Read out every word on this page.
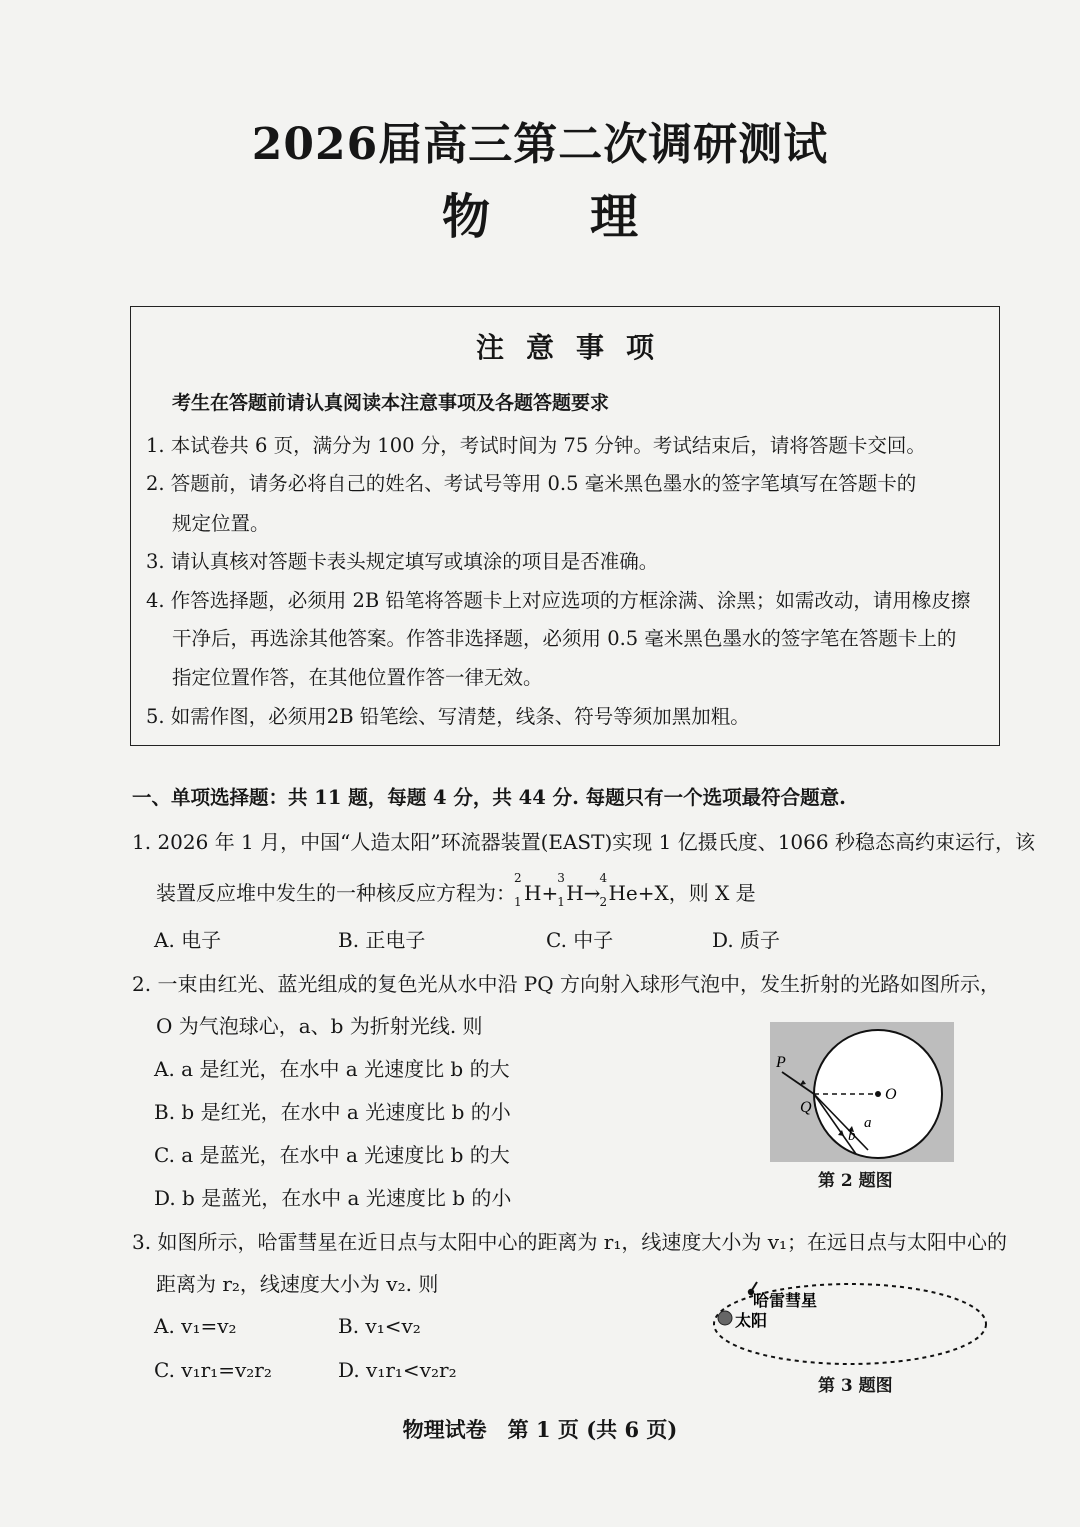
2026届高三第二次调研测试
物理
注意事项
考生在答题前请认真阅读本注意事项及各题答题要求
1. 本试卷共 6 页，满分为 100 分，考试时间为 75 分钟。考试结束后，请将答题卡交回。
2. 答题前，请务必将自己的姓名、考试号等用 0.5 毫米黑色墨水的签字笔填写在答题卡的
规定位置。
3. 请认真核对答题卡表头规定填写或填涂的项目是否准确。
4. 作答选择题，必须用 2B 铅笔将答题卡上对应选项的方框涂满、涂黑；如需改动，请用橡皮擦
干净后，再选涂其他答案。作答非选择题，必须用 0.5 毫米黑色墨水的签字笔在答题卡上的
指定位置作答，在其他位置作答一律无效。
5. 如需作图，必须用2B 铅笔绘、写清楚，线条、符号等须加黑加粗。
一、单项选择题：共 11 题，每题 4 分，共 44 分. 每题只有一个选项最符合题意.
1. 2026 年 1 月，中国“人造太阳”环流器装置(EAST)实现 1 亿摄氏度、1066 秒稳态高约束运行，该
装置反应堆中发生的一种核反应方程为：
2
1 H+
3
1 H→
4
2 He+X，则 X 是
A. 电子	B. 正电子	C. 中子	D. 质子
2. 一束由红光、蓝光组成的复色光从水中沿 PQ 方向射入球形气泡中，发生折射的光路如图所示，
O 为气泡球心，a、b 为折射光线. 则
A. a 是红光，在水中 a 光速度比 b 的大
B. b 是红光，在水中 a 光速度比 b 的小
C. a 是蓝光，在水中 a 光速度比 b 的大
D. b 是蓝光，在水中 a 光速度比 b 的小
P
Q
O
a
b
第 2 题图
3. 如图所示，哈雷彗星在近日点与太阳中心的距离为 r₁，线速度大小为 v₁；在远日点与太阳中心的
距离为 r₂，线速度大小为 v₂. 则
A. v₁=v₂	B. v₁<v₂
C. v₁r₁=v₂r₂	D. v₁r₁<v₂r₂
哈雷彗星
太阳
第 3 题图
物理试卷　第 1 页 (共 6 页)
